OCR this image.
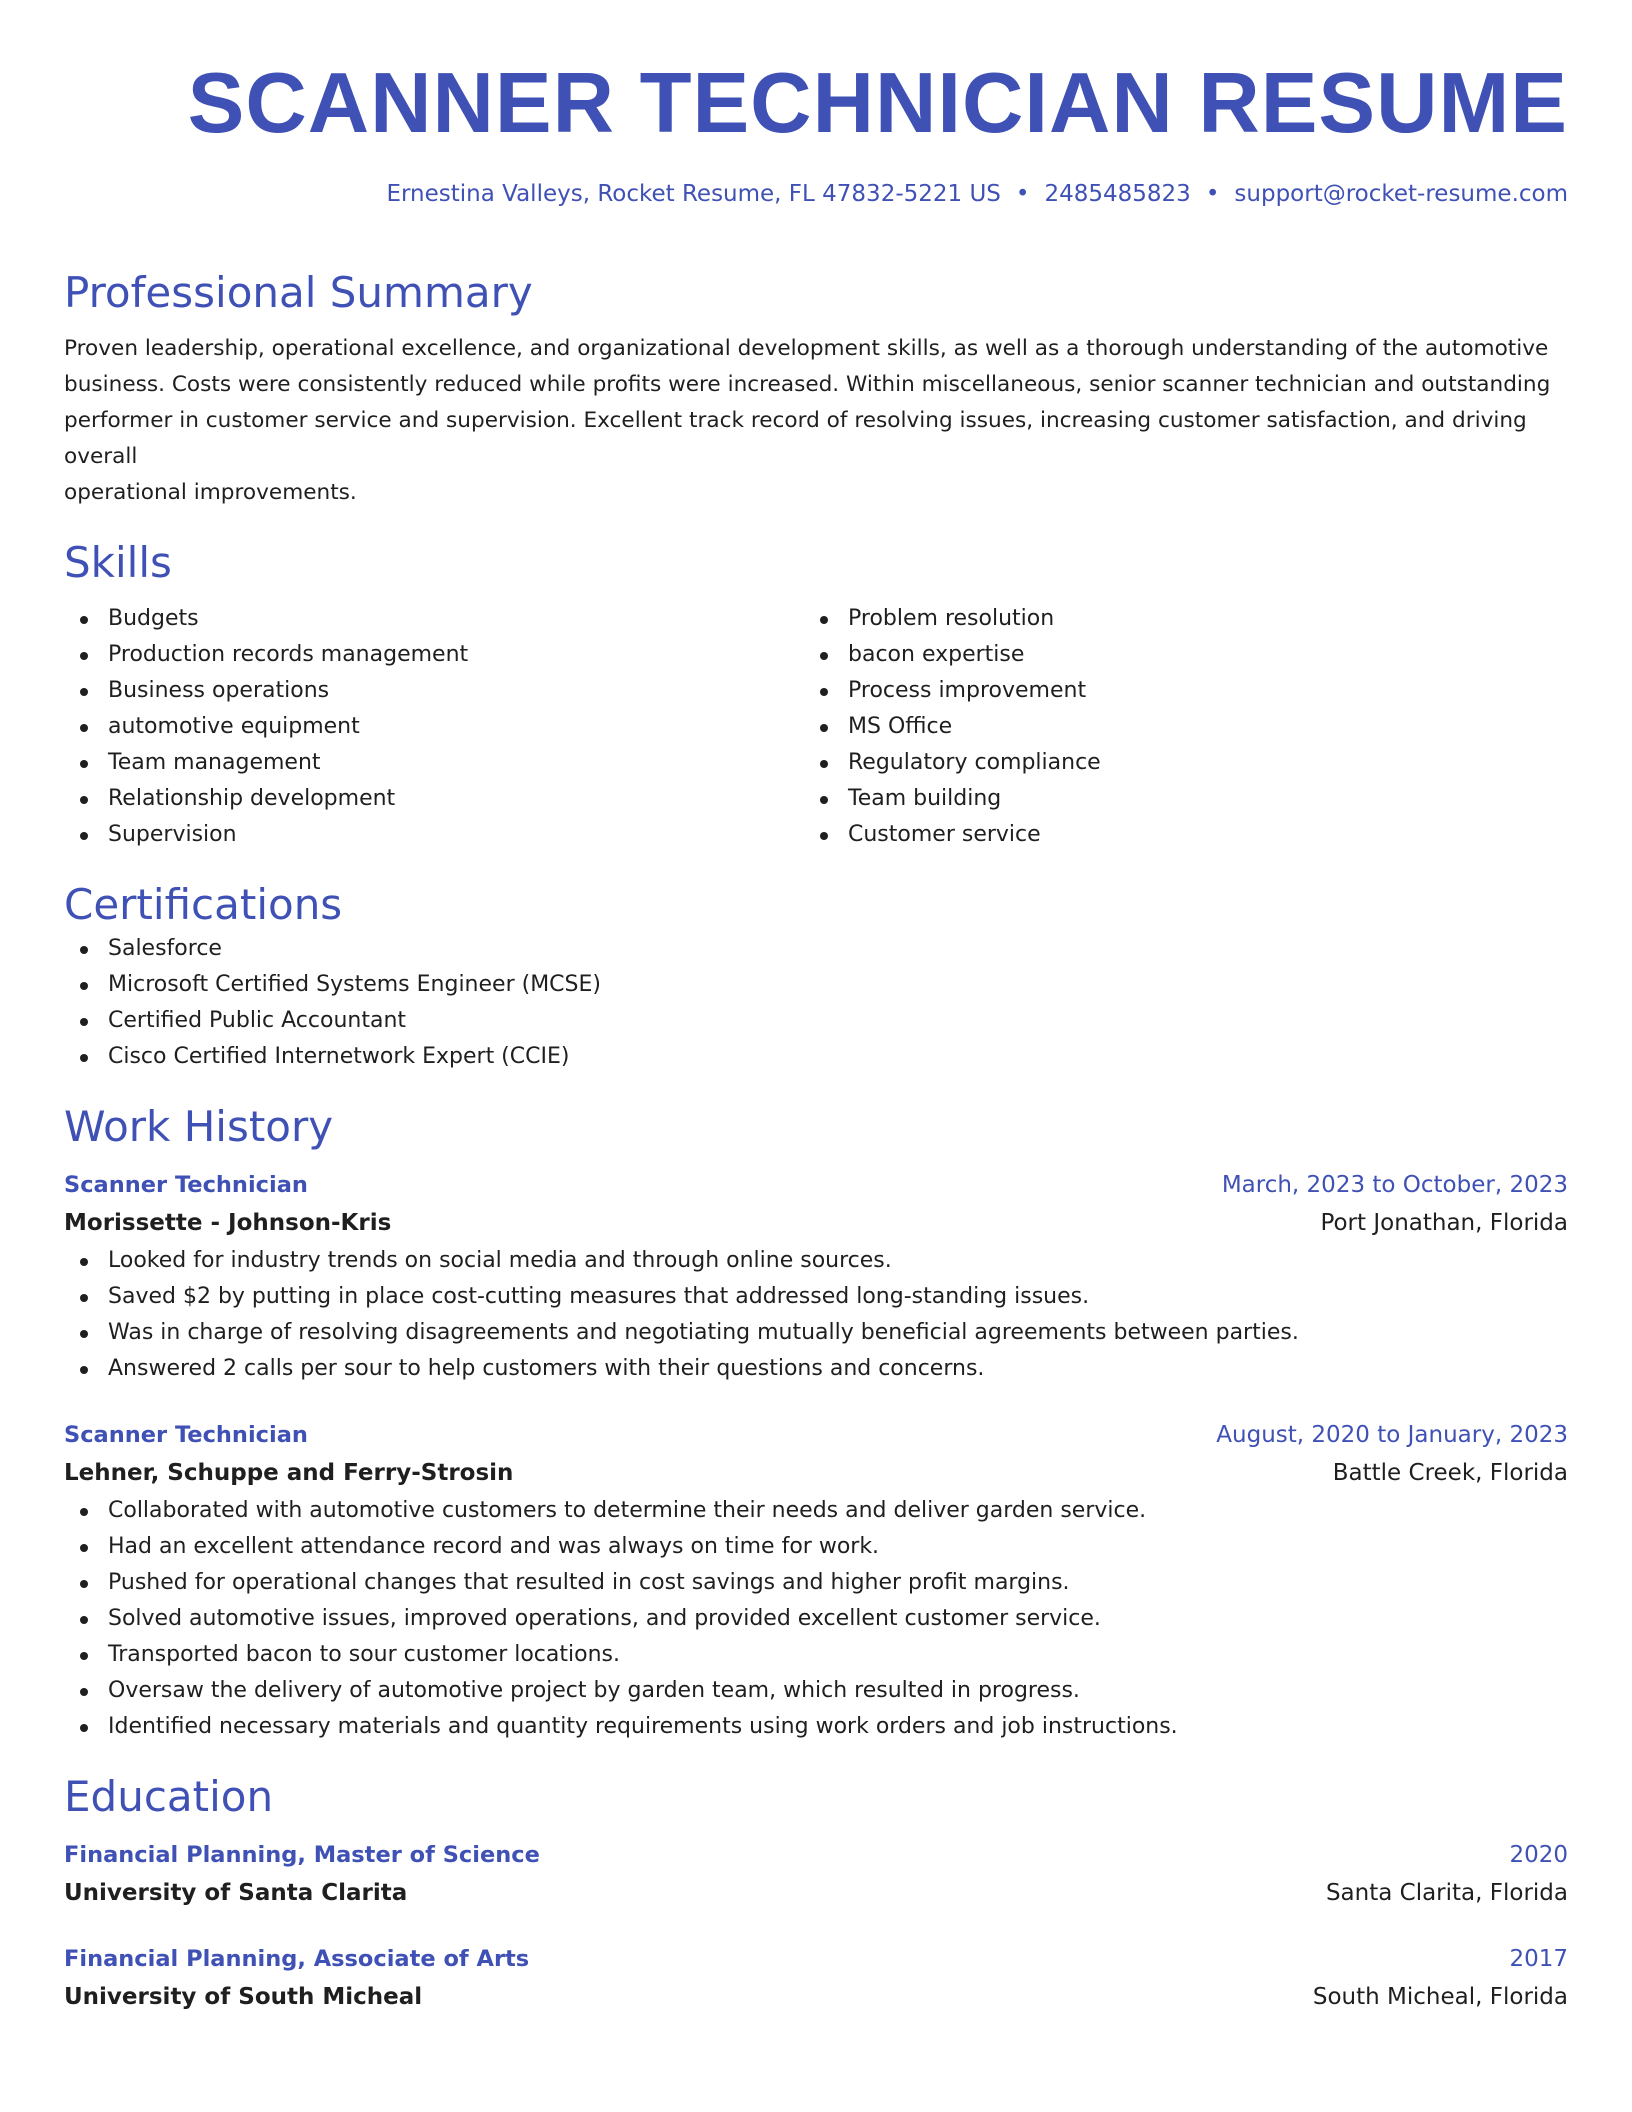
SCANNER TECHNICIAN RESUME
Ernestina Valleys, Rocket Resume, FL 47832-5221 US • 2485485823 • support@rocket-resume.com
Professional Summary

Proven leadership, operational excellence, and organizational development skills, as well as a thorough understanding of the automotive
business. Costs were consistently reduced while profits were increased. Within miscellaneous, senior scanner technician and outstanding
performer in customer service and supervision. Excellent track record of resolving issues, increasing customer satisfaction, and driving overall
operational improvements.

Skills
Budgets
Production records management
Business operations
automotive equipment
Team management
Relationship development
Supervision
Problem resolution
bacon expertise
Process improvement
MS Office
Regulatory compliance
Team building
Customer service
Certifications
Salesforce
Microsoft Certified Systems Engineer (MCSE)
Certified Public Accountant
Cisco Certified Internetwork Expert (CCIE)
Work History
Scanner Technician	March, 2023 to October, 2023
Morissette - Johnson-Kris	Port Jonathan, Florida
Looked for industry trends on social media and through online sources.
Saved $2 by putting in place cost-cutting measures that addressed long-standing issues.
Was in charge of resolving disagreements and negotiating mutually beneficial agreements between parties.
Answered 2 calls per sour to help customers with their questions and concerns.
Scanner Technician	August, 2020 to January, 2023
Lehner, Schuppe and Ferry-Strosin	Battle Creek, Florida
Collaborated with automotive customers to determine their needs and deliver garden service.
Had an excellent attendance record and was always on time for work.
Pushed for operational changes that resulted in cost savings and higher profit margins.
Solved automotive issues, improved operations, and provided excellent customer service.
Transported bacon to sour customer locations.
Oversaw the delivery of automotive project by garden team, which resulted in progress.
Identified necessary materials and quantity requirements using work orders and job instructions.
Education
Financial Planning, Master of Science	2020
University of Santa Clarita	Santa Clarita, Florida
Financial Planning, Associate of Arts	2017
University of South Micheal	South Micheal, Florida
